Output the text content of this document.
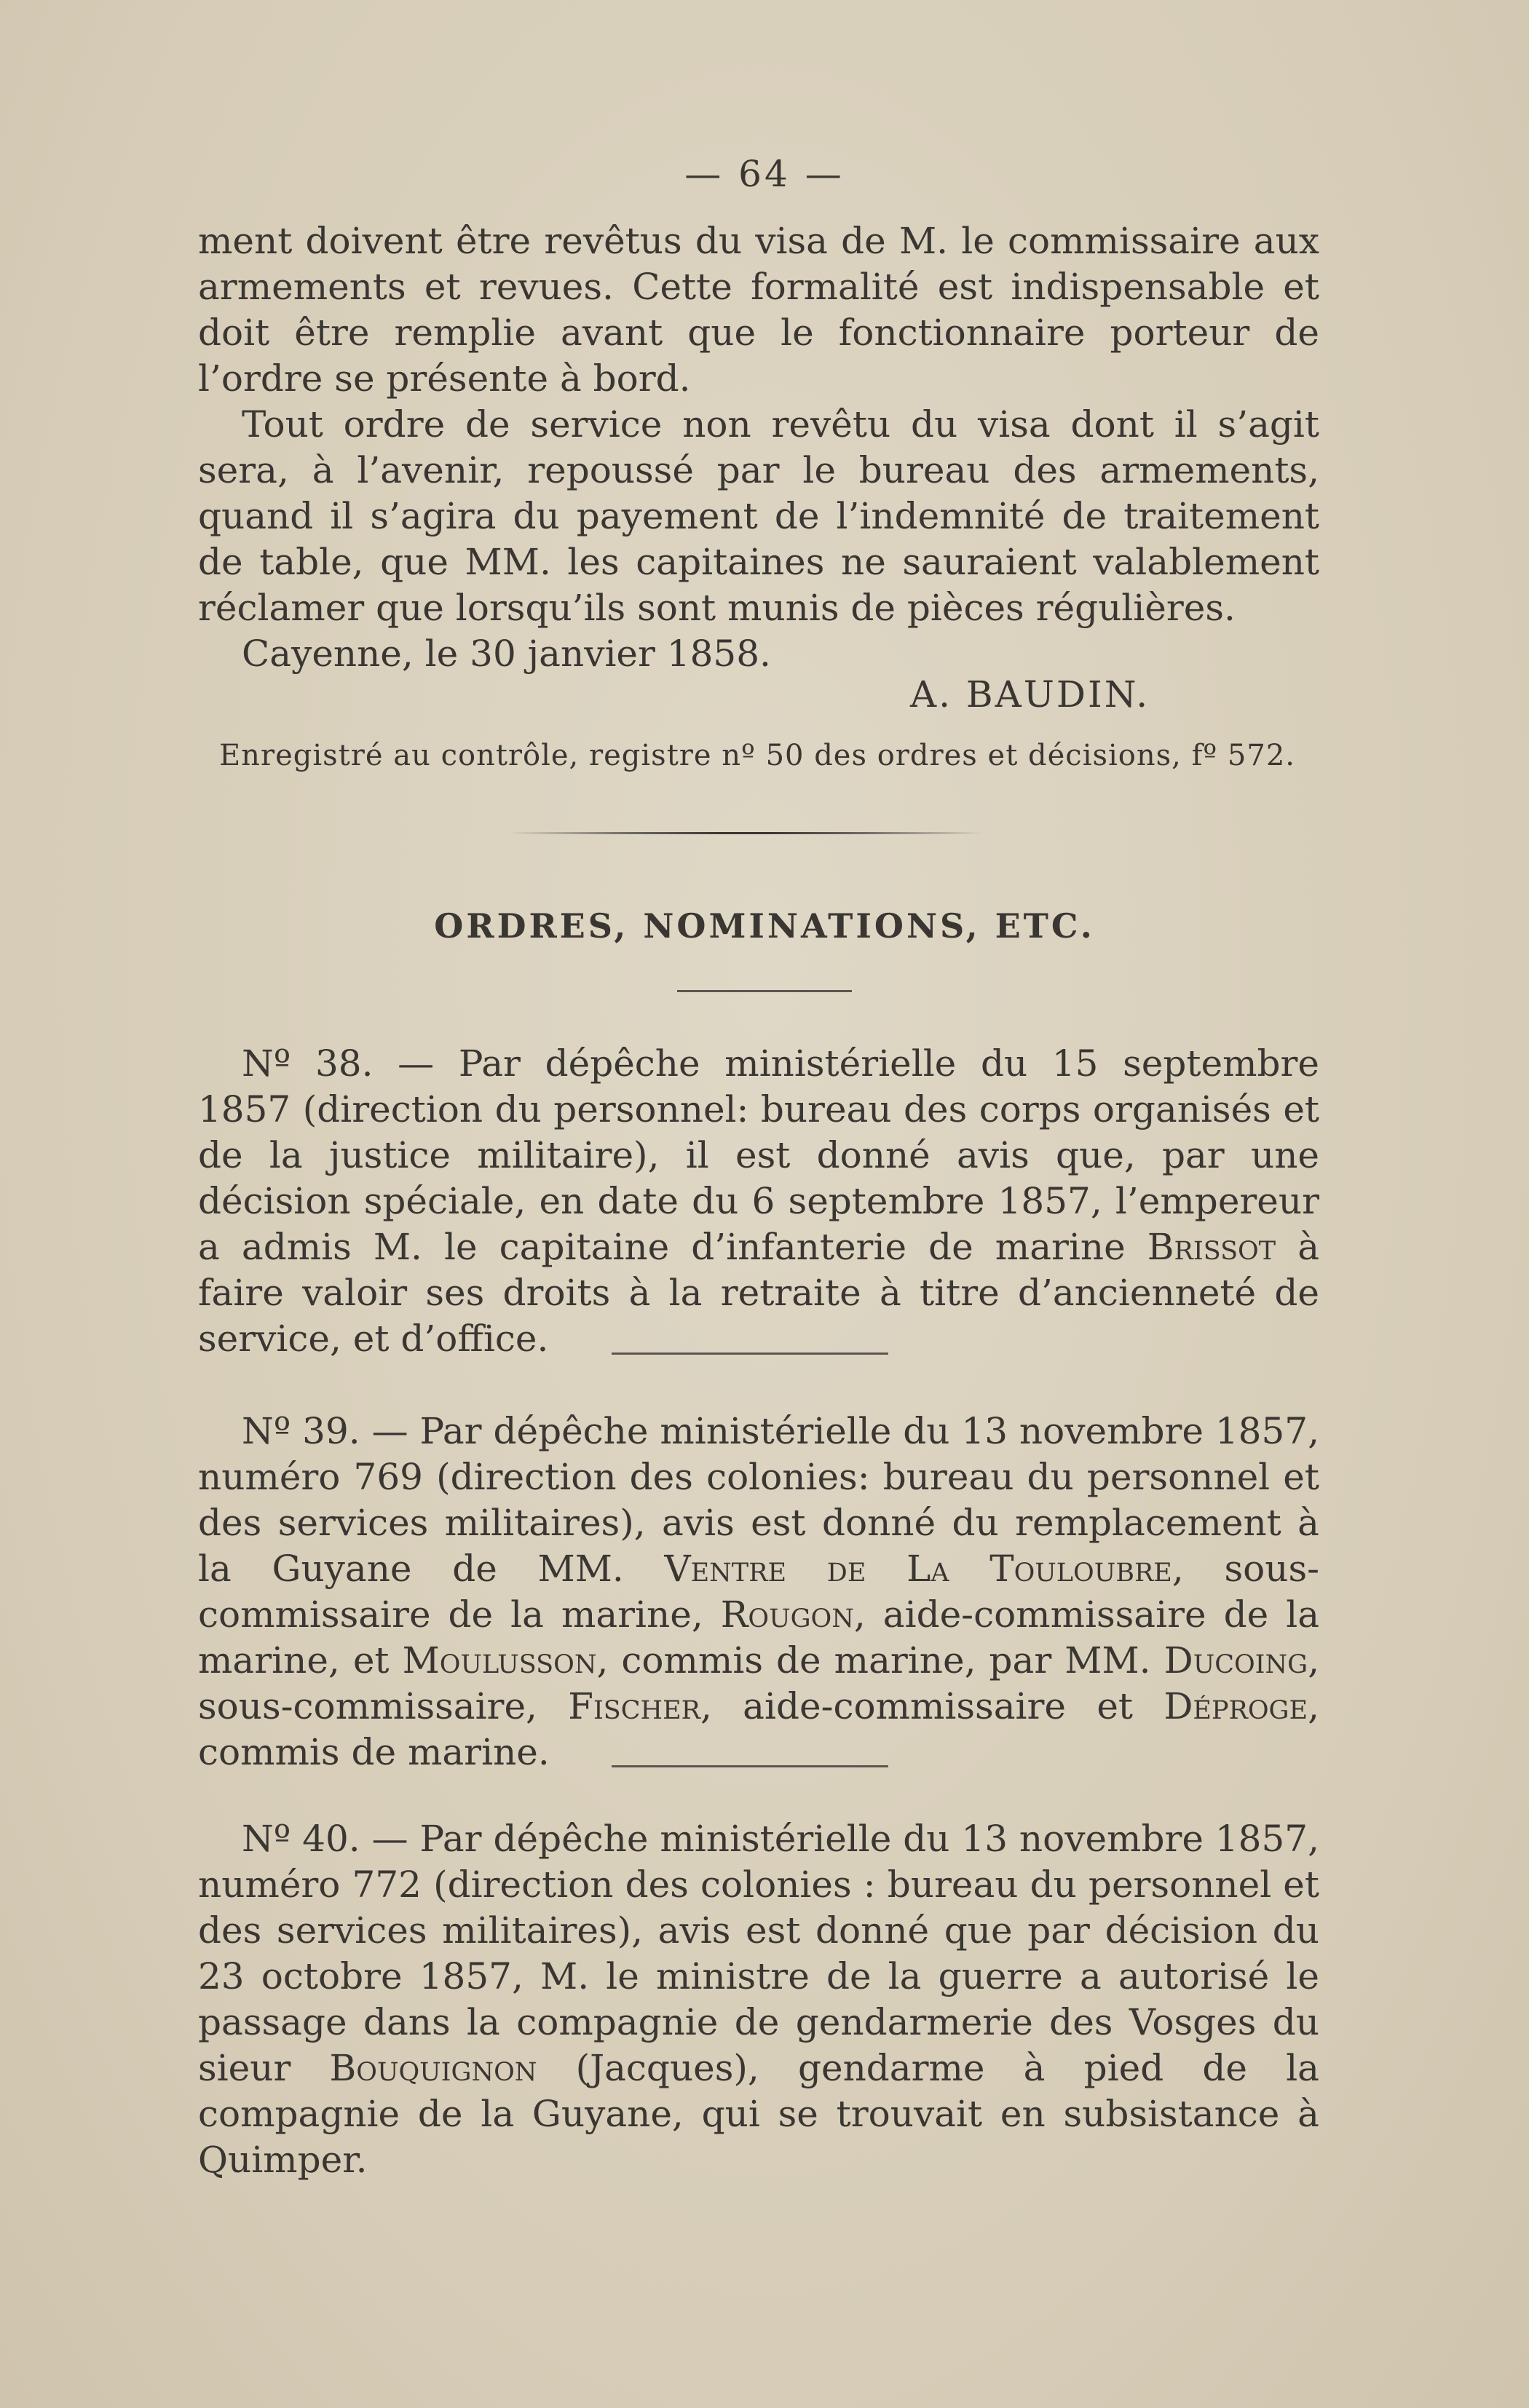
— 64 —

ment doivent être revêtus du visa de M. le commissaire aux armements et revues. Cette formalité est indispensable et doit être remplie avant que le fonctionnaire porteur de l’ordre se présente à bord.

Tout ordre de service non revêtu du visa dont il s’agit sera, à l’avenir, repoussé par le bureau des armements, quand il s’agira du payement de l’indemnité de traitement de table, que MM. les capitaines ne sauraient valablement réclamer que lorsqu’ils sont munis de pièces régulières.

Cayenne, le 30 janvier 1858.

A. BAUDIN.
Enregistré au contrôle, registre nº 50 des ordres et décisions, fº 572.
ORDRES, NOMINATIONS, ETC.

Nº 38. — Par dépêche ministérielle du 15 septembre 1857 (direction du personnel: bureau des corps organisés et de la justice militaire), il est donné avis que, par une décision spéciale, en date du 6 septembre 1857, l’empereur a admis M. le capitaine d’infanterie de marine Brissot à faire valoir ses droits à la retraite à titre d’ancienneté de service, et d’office.

Nº 39. — Par dépêche ministérielle du 13 novembre 1857, numéro 769 (direction des colonies: bureau du personnel et des services militaires), avis est donné du remplacement à la Guyane de MM. Ventre de La Touloubre, sous-commissaire de la marine, Rougon, aide-commissaire de la marine, et Moulusson, commis de marine, par MM. Ducoing, sous-commissaire, Fischer, aide-commissaire et Déproge, commis de marine.

Nº 40. — Par dépêche ministérielle du 13 novembre 1857, numéro 772 (direction des colonies : bureau du personnel et des services militaires), avis est donné que par décision du 23 octobre 1857, M. le ministre de la guerre a autorisé le passage dans la compagnie de gendarmerie des Vosges du sieur Bouquignon (Jacques), gendarme à pied de la compagnie de la Guyane, qui se trouvait en subsistance à Quimper.
